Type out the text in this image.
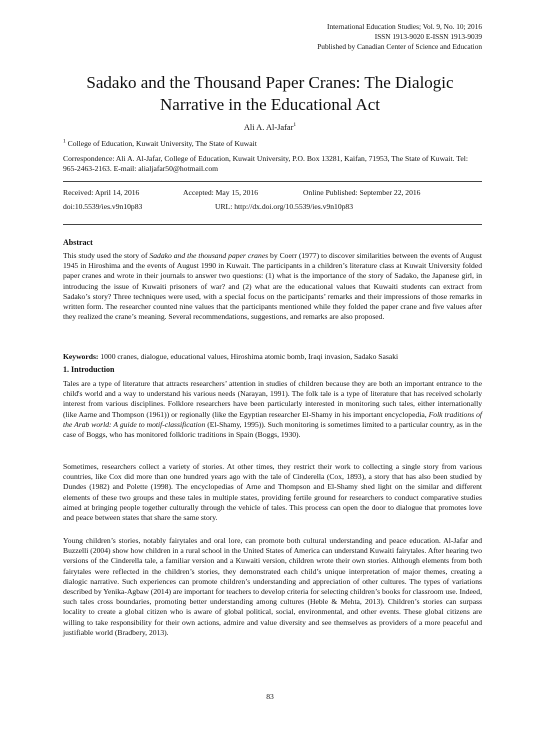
International Education Studies; Vol. 9, No. 10; 2016
ISSN 1913-9020 E-ISSN 1913-9039
Published by Canadian Center of Science and Education
Sadako and the Thousand Paper Cranes: The Dialogic Narrative in the Educational Act
Ali A. Al-Jafar$^1$
$^1$ College of Education, Kuwait University, The State of Kuwait
Correspondence: Ali A. Al-Jafar, College of Education, Kuwait University, P.O. Box 13281, Kaifan, 71953, The State of Kuwait. Tel: 965-2463-2163. E-mail: alialjafar50@hotmail.com
Received: April 14, 2016	Accepted: May 15, 2016	Online Published: September 22, 2016
doi:10.5539/ies.v9n10p83	URL: http://dx.doi.org/10.5539/ies.v9n10p83
Abstract
This study used the story of Sadako and the thousand paper cranes by Coerr (1977) to discover similarities between the events of August 1945 in Hiroshima and the events of August 1990 in Kuwait. The participants in a children’s literature class at Kuwait University folded paper cranes and wrote in their journals to answer two questions: (1) what is the importance of the story of Sadako, the Japanese girl, in introducing the issue of Kuwaiti prisoners of war? and (2) what are the educational values that Kuwaiti students can extract from Sadako’s story? Three techniques were used, with a special focus on the participants’ remarks and their impressions of those remarks in written form. The researcher counted nine values that the participants mentioned while they folded the paper crane and five values after they realized the crane’s meaning. Several recommendations, suggestions, and remarks are also proposed.
Keywords: 1000 cranes, dialogue, educational values, Hiroshima atomic bomb, Iraqi invasion, Sadako Sasaki
1. Introduction
Tales are a type of literature that attracts researchers’ attention in studies of children because they are both an important entrance to the child's world and a way to understand his various needs (Narayan, 1991). The folk tale is a type of literature that has received scholarly interest from various disciplines. Folklore researchers have been particularly interested in monitoring such tales, either internationally (like Aarne and Thompson (1961)) or regionally (like the Egyptian researcher El-Shamy in his important encyclopedia, Folk traditions of the Arab world: A guide to motif-classification (El-Shamy, 1995)). Such monitoring is sometimes limited to a particular country, as in the case of Boggs, who has monitored folkloric traditions in Spain (Boggs, 1930).
Sometimes, researchers collect a variety of stories. At other times, they restrict their work to collecting a single story from various countries, like Cox did more than one hundred years ago with the tale of Cinderella (Cox, 1893), a story that has also been studied by Dundes (1982) and Polette (1998). The encyclopedias of Arne and Thompson and El-Shamy shed light on the similar and different elements of these two groups and these tales in multiple states, providing fertile ground for researchers to conduct comparative studies aimed at bringing people together culturally through the vehicle of tales. This process can open the door to dialogue that promotes love and peace between states that share the same story.
Young children’s stories, notably fairytales and oral lore, can promote both cultural understanding and peace education. Al-Jafar and Buzzelli (2004) show how children in a rural school in the United States of America can understand Kuwaiti fairytales. After hearing two versions of the Cinderella tale, a familiar version and a Kuwaiti version, children wrote their own stories. Although elements from both fairytales were reflected in the children’s stories, they demonstrated each child’s unique interpretation of major themes, creating a dialogic narrative. Such experiences can promote children’s understanding and appreciation of other cultures. The types of variations described by Yenika-Agbaw (2014) are important for teachers to develop criteria for selecting children’s books for classroom use. Indeed, such tales cross boundaries, promoting better understanding among cultures (Heble & Mehta, 2013). Children’s stories can surpass locality to create a global citizen who is aware of global political, social, environmental, and other events. These global citizens are willing to take responsibility for their own actions, admire and value diversity and see themselves as providers of a more peaceful and justifiable world (Bradbery, 2013).
83
